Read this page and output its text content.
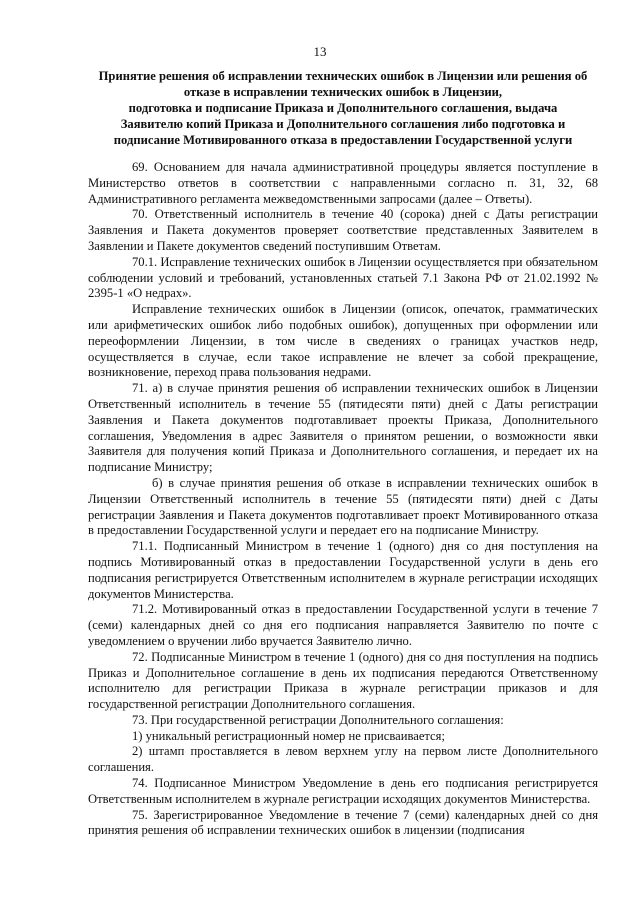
13
Принятие решения об исправлении технических ошибок в Лицензии или решения об
отказе в исправлении технических ошибок в Лицензии,
подготовка и подписание Приказа и Дополнительного соглашения, выдача
Заявителю копий Приказа и Дополнительного соглашения либо подготовка и
подписание Мотивированного отказа в предоставлении Государственной услуги

69. Основанием для начала административной процедуры является поступление в Министерство ответов в соответствии с направленными согласно п. 31, 32, 68 Административного регламента межведомственными запросами (далее – Ответы).

70. Ответственный исполнитель в течение 40 (сорока) дней с Даты регистрации Заявления и Пакета документов проверяет соответствие представленных Заявителем в Заявлении и Пакете документов сведений поступившим Ответам.

70.1. Исправление технических ошибок в Лицензии осуществляется при обязательном соблюдении условий и требований, установленных статьей 7.1 Закона РФ от 21.02.1992 № 2395-1 «О недрах».

Исправление технических ошибок в Лицензии (описок, опечаток, грамматических или арифметических ошибок либо подобных ошибок), допущенных при оформлении или переоформлении Лицензии, в том числе в сведениях о границах участков недр, осуществляется в случае, если такое исправление не влечет за собой прекращение, возникновение, переход права пользования недрами.

71. а) в случае принятия решения об исправлении технических ошибок в Лицензии Ответственный исполнитель в течение 55 (пятидесяти пяти) дней с Даты регистрации Заявления и Пакета документов подготавливает проекты Приказа, Дополнительного соглашения, Уведомления в адрес Заявителя о принятом решении, о возможности явки Заявителя для получения копий Приказа и Дополнительного соглашения, и передает их на подписание Министру;

б) в случае принятия решения об отказе в исправлении технических ошибок в Лицензии Ответственный исполнитель в течение 55 (пятидесяти пяти) дней с Даты регистрации Заявления и Пакета документов подготавливает проект Мотивированного отказа в предоставлении Государственной услуги и передает его на подписание Министру.

71.1. Подписанный Министром в течение 1 (одного) дня со дня поступления на подпись Мотивированный отказ в предоставлении Государственной услуги в день его подписания регистрируется Ответственным исполнителем в журнале регистрации исходящих документов Министерства.

71.2. Мотивированный отказ в предоставлении Государственной услуги в течение 7 (семи) календарных дней со дня его подписания направляется Заявителю по почте с уведомлением о вручении либо вручается Заявителю лично.

72. Подписанные Министром в течение 1 (одного) дня со дня поступления на подпись Приказ и Дополнительное соглашение в день их подписания передаются Ответственному исполнителю для регистрации Приказа в журнале регистрации приказов и для государственной регистрации Дополнительного соглашения.

73. При государственной регистрации Дополнительного соглашения:

1) уникальный регистрационный номер не присваивается;

2) штамп проставляется в левом верхнем углу на первом листе Дополнительного соглашения.

74. Подписанное Министром Уведомление в день его подписания регистрируется Ответственным исполнителем в журнале регистрации исходящих документов Министерства.

75. Зарегистрированное Уведомление в течение 7 (семи) календарных дней со дня принятия решения об исправлении технических ошибок в лицензии (подписания
